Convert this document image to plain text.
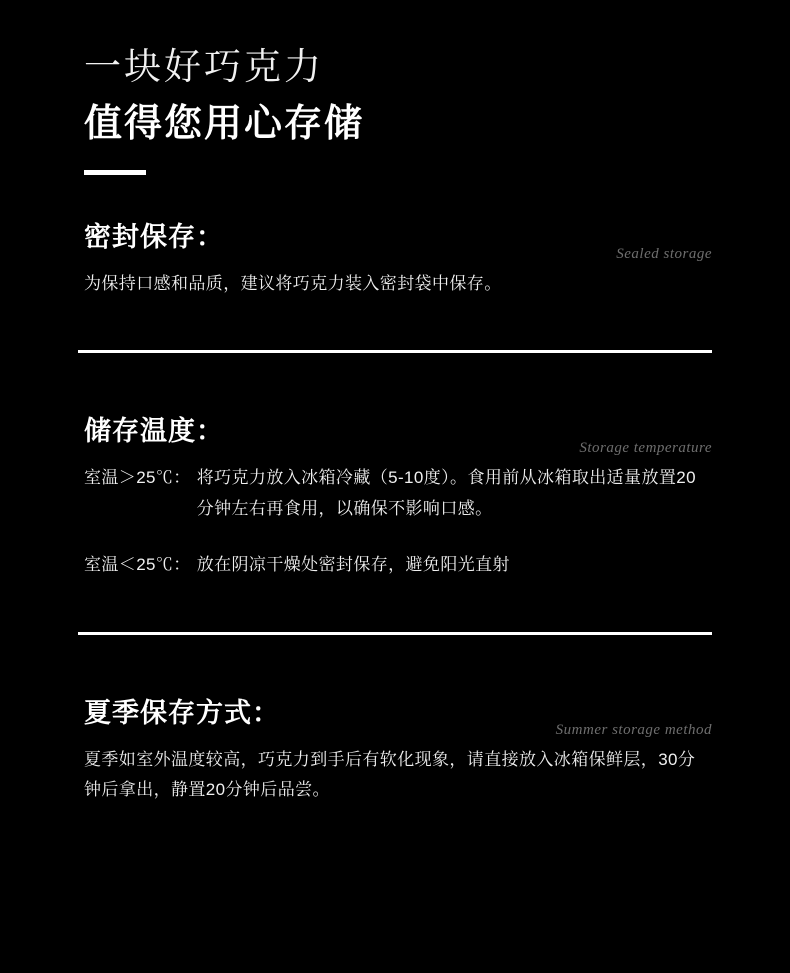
一块好巧克力
值得您用心存储
密封保存：
Sealed storage
为保持口感和品质，建议将巧克力装入密封袋中保存。
储存温度：
Storage temperature
室温＞25℃： 将巧克力放入冰箱冷藏（5-10度）。食用前从冰箱取出适量放置20分钟左右再食用，以确保不影响口感。
室温＜25℃： 放在阴凉干燥处密封保存，避免阳光直射
夏季保存方式：
Summer storage method
夏季如室外温度较高，巧克力到手后有软化现象，请直接放入冰箱保鲜层，30分钟后拿出，静置20分钟后品尝。
